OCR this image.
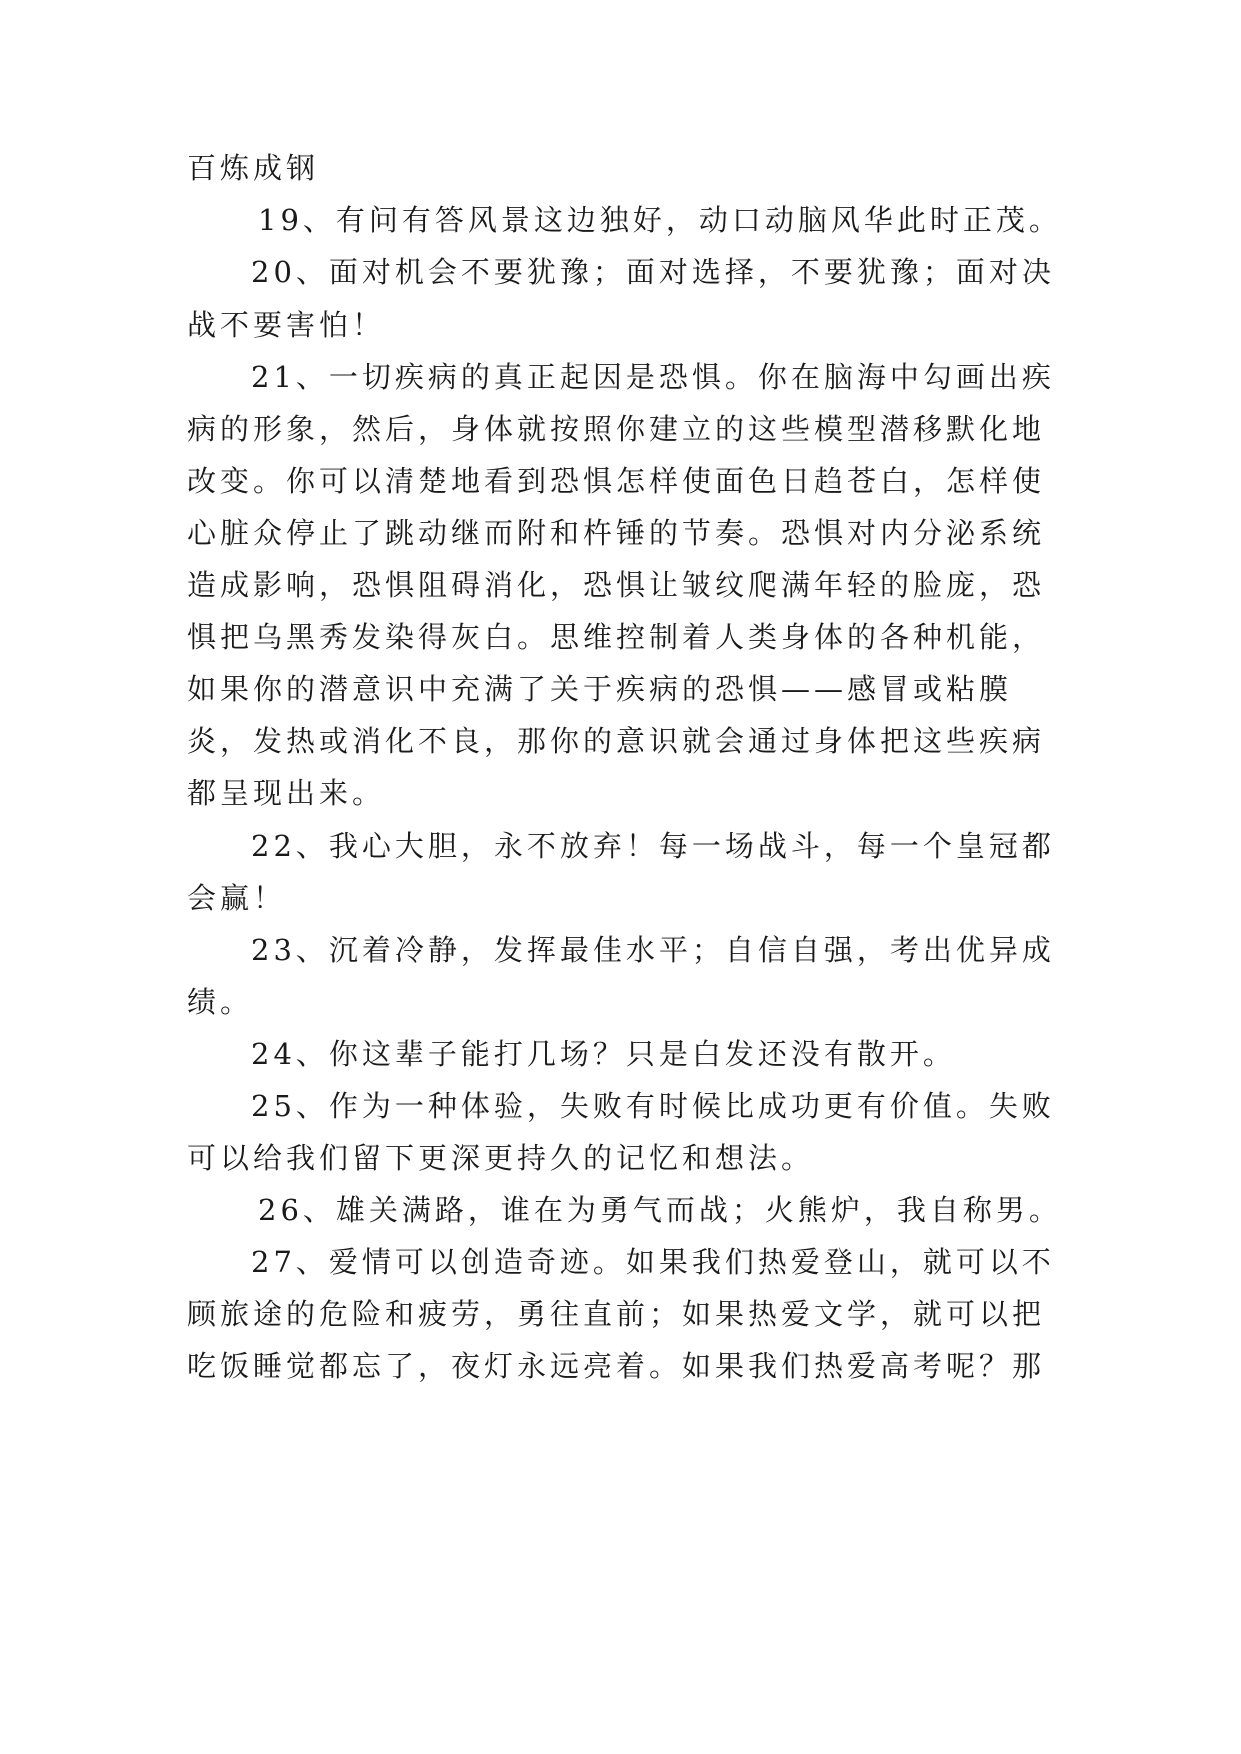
百炼成钢
19、有问有答风景这边独好，动口动脑风华此时正茂。
20、面对机会不要犹豫；面对选择，不要犹豫；面对决
战不要害怕！
21、一切疾病的真正起因是恐惧。你在脑海中勾画出疾
病的形象，然后，身体就按照你建立的这些模型潜移默化地
改变。你可以清楚地看到恐惧怎样使面色日趋苍白，怎样使
心脏众停止了跳动继而附和杵锤的节奏。恐惧对内分泌系统
造成影响，恐惧阻碍消化，恐惧让皱纹爬满年轻的脸庞，恐
惧把乌黑秀发染得灰白。思维控制着人类身体的各种机能，
如果你的潜意识中充满了关于疾病的恐惧——感冒或粘膜
炎，发热或消化不良，那你的意识就会通过身体把这些疾病
都呈现出来。
22、我心大胆，永不放弃！每一场战斗，每一个皇冠都
会赢！
23、沉着冷静，发挥最佳水平；自信自强，考出优异成
绩。
24、你这辈子能打几场？只是白发还没有散开。
25、作为一种体验，失败有时候比成功更有价值。失败
可以给我们留下更深更持久的记忆和想法。
26、雄关满路，谁在为勇气而战；火熊炉，我自称男。
27、爱情可以创造奇迹。如果我们热爱登山，就可以不
顾旅途的危险和疲劳，勇往直前；如果热爱文学，就可以把
吃饭睡觉都忘了，夜灯永远亮着。如果我们热爱高考呢？那
